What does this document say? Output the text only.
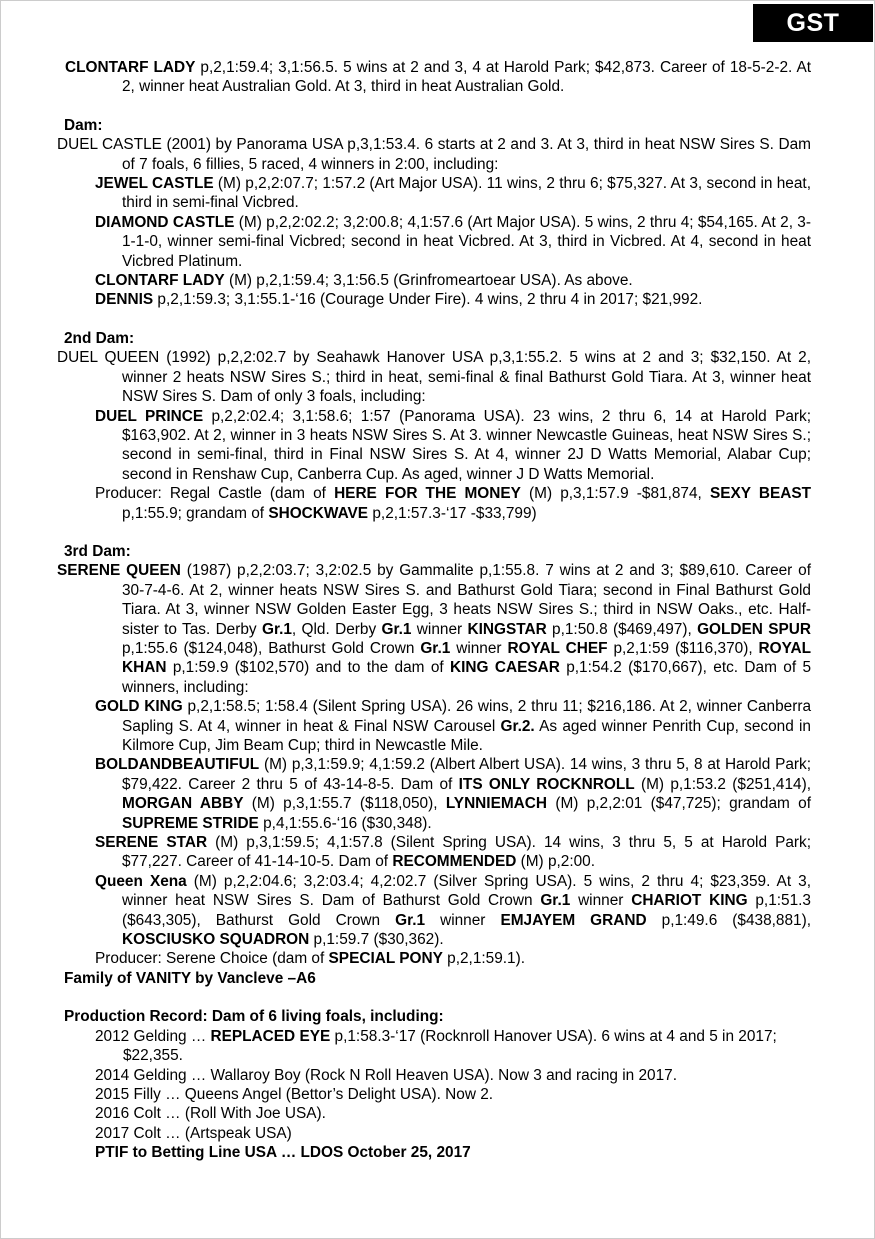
GST

CLONTARF LADY p,2,1:59.4; 3,1:56.5. 5 wins at 2 and 3, 4 at Harold Park; $42,873. Career of 18-5-2-2. At 2, winner heat Australian Gold. At 3, third in heat Australian Gold.

Dam:

DUEL CASTLE (2001) by Panorama USA p,3,1:53.4. 6 starts at 2 and 3. At 3, third in heat NSW Sires S. Dam of 7 foals, 6 fillies, 5 raced, 4 winners in 2:00, including:

JEWEL CASTLE (M) p,2,2:07.7; 1:57.2 (Art Major USA). 11 wins, 2 thru 6; $75,327. At 3, second in heat, third in semi-final Vicbred.

DIAMOND CASTLE (M) p,2,2:02.2; 3,2:00.8; 4,1:57.6 (Art Major USA). 5 wins, 2 thru 4; $54,165. At 2, 3-1-1-0, winner semi-final Vicbred; second in heat Vicbred. At 3, third in Vicbred. At 4, second in heat Vicbred Platinum.

CLONTARF LADY (M) p,2,1:59.4; 3,1:56.5 (Grinfromeartoear USA). As above.

DENNIS p,2,1:59.3; 3,1:55.1-‘16 (Courage Under Fire). 4 wins, 2 thru 4 in 2017; $21,992.

2nd Dam:

DUEL QUEEN (1992) p,2,2:02.7 by Seahawk Hanover USA p,3,1:55.2. 5 wins at 2 and 3; $32,150. At 2, winner 2 heats NSW Sires S.; third in heat, semi-final & final Bathurst Gold Tiara. At 3, winner heat NSW Sires S. Dam of only 3 foals, including:

DUEL PRINCE p,2,2:02.4; 3,1:58.6; 1:57 (Panorama USA). 23 wins, 2 thru 6, 14 at Harold Park; $163,902. At 2, winner in 3 heats NSW Sires S. At 3. winner Newcastle Guineas, heat NSW Sires S.; second in semi-final, third in Final NSW Sires S. At 4, winner 2J D Watts Memorial, Alabar Cup; second in Renshaw Cup, Canberra Cup. As aged, winner J D Watts Memorial.

Producer: Regal Castle (dam of HERE FOR THE MONEY (M) p,3,1:57.9 -$81,874, SEXY BEAST p,1:55.9; grandam of SHOCKWAVE p,2,1:57.3-‘17 -$33,799)

3rd Dam:

SERENE QUEEN (1987) p,2,2:03.7; 3,2:02.5 by Gammalite p,1:55.8. 7 wins at 2 and 3; $89,610. Career of 30-7-4-6. At 2, winner heats NSW Sires S. and Bathurst Gold Tiara; second in Final Bathurst Gold Tiara. At 3, winner NSW Golden Easter Egg, 3 heats NSW Sires S.; third in NSW Oaks., etc. Half-sister to Tas. Derby Gr.1, Qld. Derby Gr.1 winner KINGSTAR p,1:50.8 ($469,497), GOLDEN SPUR p,1:55.6 ($124,048), Bathurst Gold Crown Gr.1 winner ROYAL CHEF p,2,1:59 ($116,370), ROYAL KHAN p,1:59.9 ($102,570) and to the dam of KING CAESAR p,1:54.2 ($170,667), etc. Dam of 5 winners, including:

GOLD KING p,2,1:58.5; 1:58.4 (Silent Spring USA). 26 wins, 2 thru 11; $216,186. At 2, winner Canberra Sapling S. At 4, winner in heat & Final NSW Carousel Gr.2. As aged winner Penrith Cup, second in Kilmore Cup, Jim Beam Cup; third in Newcastle Mile.

BOLDANDBEAUTIFUL (M) p,3,1:59.9; 4,1:59.2 (Albert Albert USA). 14 wins, 3 thru 5, 8 at Harold Park; $79,422. Career 2 thru 5 of 43-14-8-5. Dam of ITS ONLY ROCKNROLL (M) p,1:53.2 ($251,414), MORGAN ABBY (M) p,3,1:55.7 ($118,050), LYNNIEMACH (M) p,2,2:01 ($47,725); grandam of SUPREME STRIDE p,4,1:55.6-‘16 ($30,348).

SERENE STAR (M) p,3,1:59.5; 4,1:57.8 (Silent Spring USA). 14 wins, 3 thru 5, 5 at Harold Park; $77,227. Career of 41-14-10-5. Dam of RECOMMENDED (M) p,2:00.

Queen Xena (M) p,2,2:04.6; 3,2:03.4; 4,2:02.7 (Silver Spring USA). 5 wins, 2 thru 4; $23,359. At 3, winner heat NSW Sires S. Dam of Bathurst Gold Crown Gr.1 winner CHARIOT KING p,1:51.3 ($643,305), Bathurst Gold Crown Gr.1 winner EMJAYEM GRAND p,1:49.6 ($438,881), KOSCIUSKO SQUADRON p,1:59.7 ($30,362).

Producer: Serene Choice (dam of SPECIAL PONY p,2,1:59.1).

Family of VANITY by Vancleve –A6

Production Record: Dam of 6 living foals, including:

2012 Gelding … REPLACED EYE p,1:58.3-‘17 (Rocknroll Hanover USA). 6 wins at 4 and 5 in 2017; $22,355.

2014 Gelding … Wallaroy Boy (Rock N Roll Heaven USA). Now 3 and racing in 2017.

2015 Filly … Queens Angel (Bettor’s Delight USA). Now 2.

2016 Colt … (Roll With Joe USA).

2017 Colt … (Artspeak USA)

PTIF to Betting Line USA … LDOS October 25, 2017
